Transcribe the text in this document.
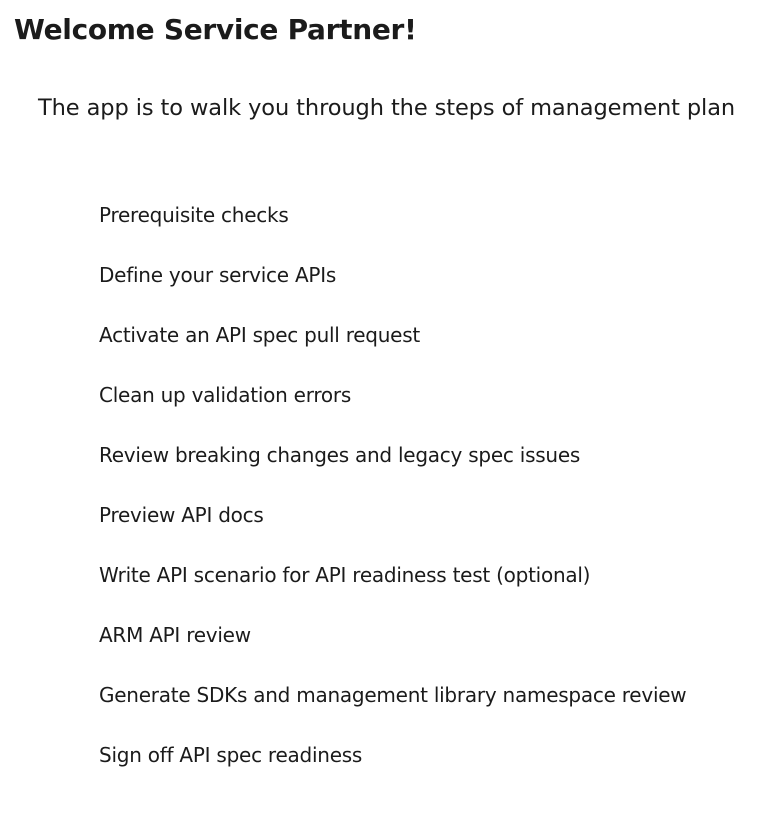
Welcome Service Partner!

The app is to walk you through the steps of management plan

Prerequisite checks
Define your service APIs
Activate an API spec pull request
Clean up validation errors
Review breaking changes and legacy spec issues
Preview API docs
Write API scenario for API readiness test (optional)
ARM API review
Generate SDKs and management library namespace review
Sign off API spec readiness
